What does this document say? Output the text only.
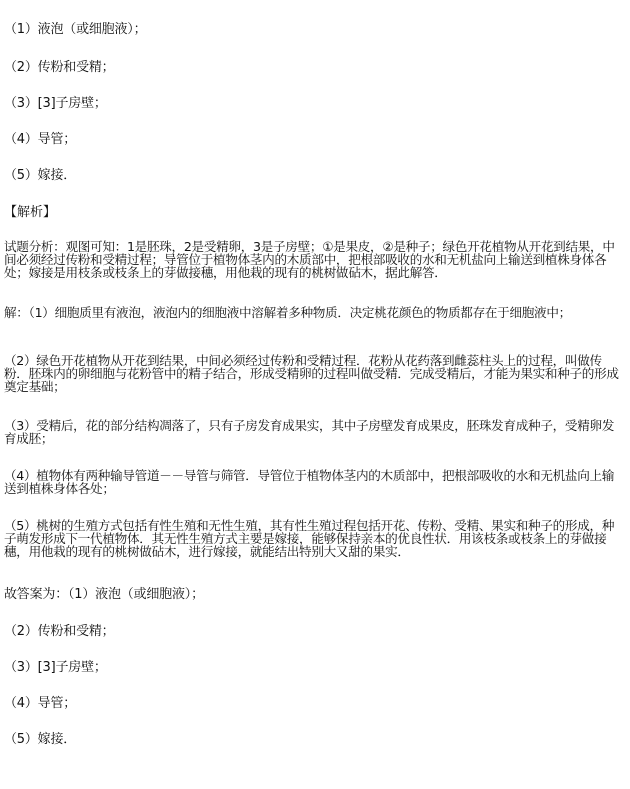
（1）液泡（或细胞液）；
（2）传粉和受精；
（3）[3]子房壁；
（4）导管；
（5）嫁接．
【解析】
试题分析：观图可知：1是胚珠，2是受精卵，3是子房壁；①是果皮，②是种子；绿色开花植物从开花到结果，中间必须经过传粉和受精过程；导管位于植物体茎内的木质部中，把根部吸收的水和无机盐向上输送到植株身体各处；嫁接是用枝条或枝条上的芽做接穗，用他栽的现有的桃树做砧木，据此解答．
解：（1）细胞质里有液泡，液泡内的细胞液中溶解着多种物质．决定桃花颜色的物质都存在于细胞液中；
（2）绿色开花植物从开花到结果，中间必须经过传粉和受精过程．花粉从花药落到雌蕊柱头上的过程，叫做传粉．胚珠内的卵细胞与花粉管中的精子结合，形成受精卵的过程叫做受精．完成受精后，才能为果实和种子的形成奠定基础；
（3）受精后，花的部分结构凋落了，只有子房发育成果实，其中子房壁发育成果皮，胚珠发育成种子，受精卵发育成胚；
（4）植物体有两种输导管道－－导管与筛管．导管位于植物体茎内的木质部中，把根部吸收的水和无机盐向上输送到植株身体各处；
（5）桃树的生殖方式包括有性生殖和无性生殖，其有性生殖过程包括开花、传粉、受精、果实和种子的形成，种子萌发形成下一代植物体．其无性生殖方式主要是嫁接，能够保持亲本的优良性状．用该枝条或枝条上的芽做接穗，用他栽的现有的桃树做砧木，进行嫁接，就能结出特别大又甜的果实．
故答案为：（1）液泡（或细胞液）；
（2）传粉和受精；
（3）[3]子房壁；
（4）导管；
（5）嫁接．
